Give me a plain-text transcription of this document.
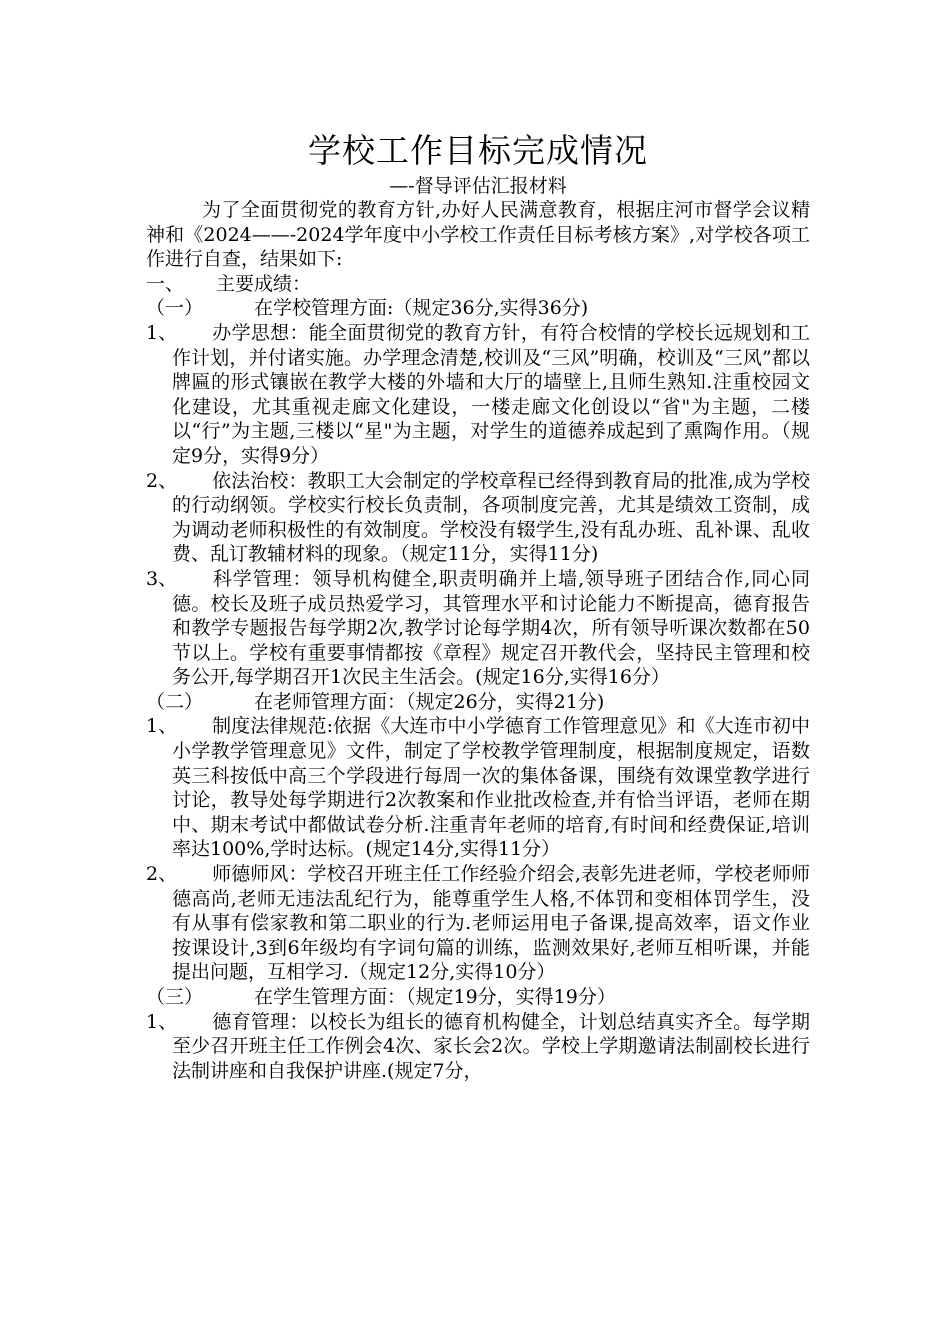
学校工作目标完成情况

—-督导评估汇报材料

为了全面贯彻党的教育方针,办好人民满意教育，根据庄河市督学会议精神和《2024——-2024学年度中小学校工作责任目标考核方案》,对学校各项工作进行自查，结果如下:

一、 主要成绩：

（一）	在学校管理方面:（规定36分,实得36分)

1、 办学思想：能全面贯彻党的教育方针，有符合校情的学校长远规划和工作计划，并付诸实施。办学理念清楚,校训及“三风”明确，校训及“三风”都以牌匾的形式镶嵌在教学大楼的外墙和大厅的墙壁上,且师生熟知.注重校园文化建设，尤其重视走廊文化建设，一楼走廊文化创设以“省"为主题，二楼以“行”为主题,三楼以“星"为主题，对学生的道德养成起到了熏陶作用。（规定9分，实得9分）

2、 依法治校：教职工大会制定的学校章程已经得到教育局的批准,成为学校的行动纲领。学校实行校长负责制，各项制度完善，尤其是绩效工资制，成为调动老师积极性的有效制度。学校没有辍学生,没有乱办班、乱补课、乱收费、乱订教辅材料的现象。（规定11分，实得11分)

3、 科学管理：领导机构健全,职责明确并上墙,领导班子团结合作,同心同德。校长及班子成员热爱学习，其管理水平和讨论能力不断提高，德育报告和教学专题报告每学期2次,教学讨论每学期4次，所有领导听课次数都在50节以上。学校有重要事情都按《章程》规定召开教代会，坚持民主管理和校务公开,每学期召开1次民主生活会。(规定16分,实得16分）

（二）	在老师管理方面：（规定26分，实得21分)

1、 制度法律规范:依据《大连市中小学德育工作管理意见》和《大连市初中小学教学管理意见》文件，制定了学校教学管理制度，根据制度规定，语数英三科按低中高三个学段进行每周一次的集体备课，围绕有效课堂教学进行讨论，教导处每学期进行2次教案和作业批改检查,并有恰当评语，老师在期中、期末考试中都做试卷分析.注重青年老师的培育,有时间和经费保证,培训率达100%,学时达标。(规定14分,实得11分）

2、 师德师风：学校召开班主任工作经验介绍会,表彰先进老师，学校老师师德高尚,老师无违法乱纪行为，能尊重学生人格,不体罚和变相体罚学生，没有从事有偿家教和第二职业的行为.老师运用电子备课,提高效率，语文作业按课设计,3到6年级均有字词句篇的训练，监测效果好,老师互相听课，并能提出问题，互相学习.（规定12分,实得10分）

（三）	在学生管理方面：（规定19分，实得19分）

1、 德育管理：以校长为组长的德育机构健全，计划总结真实齐全。每学期至少召开班主任工作例会4次、家长会2次。学校上学期邀请法制副校长进行法制讲座和自我保护讲座.(规定7分，
